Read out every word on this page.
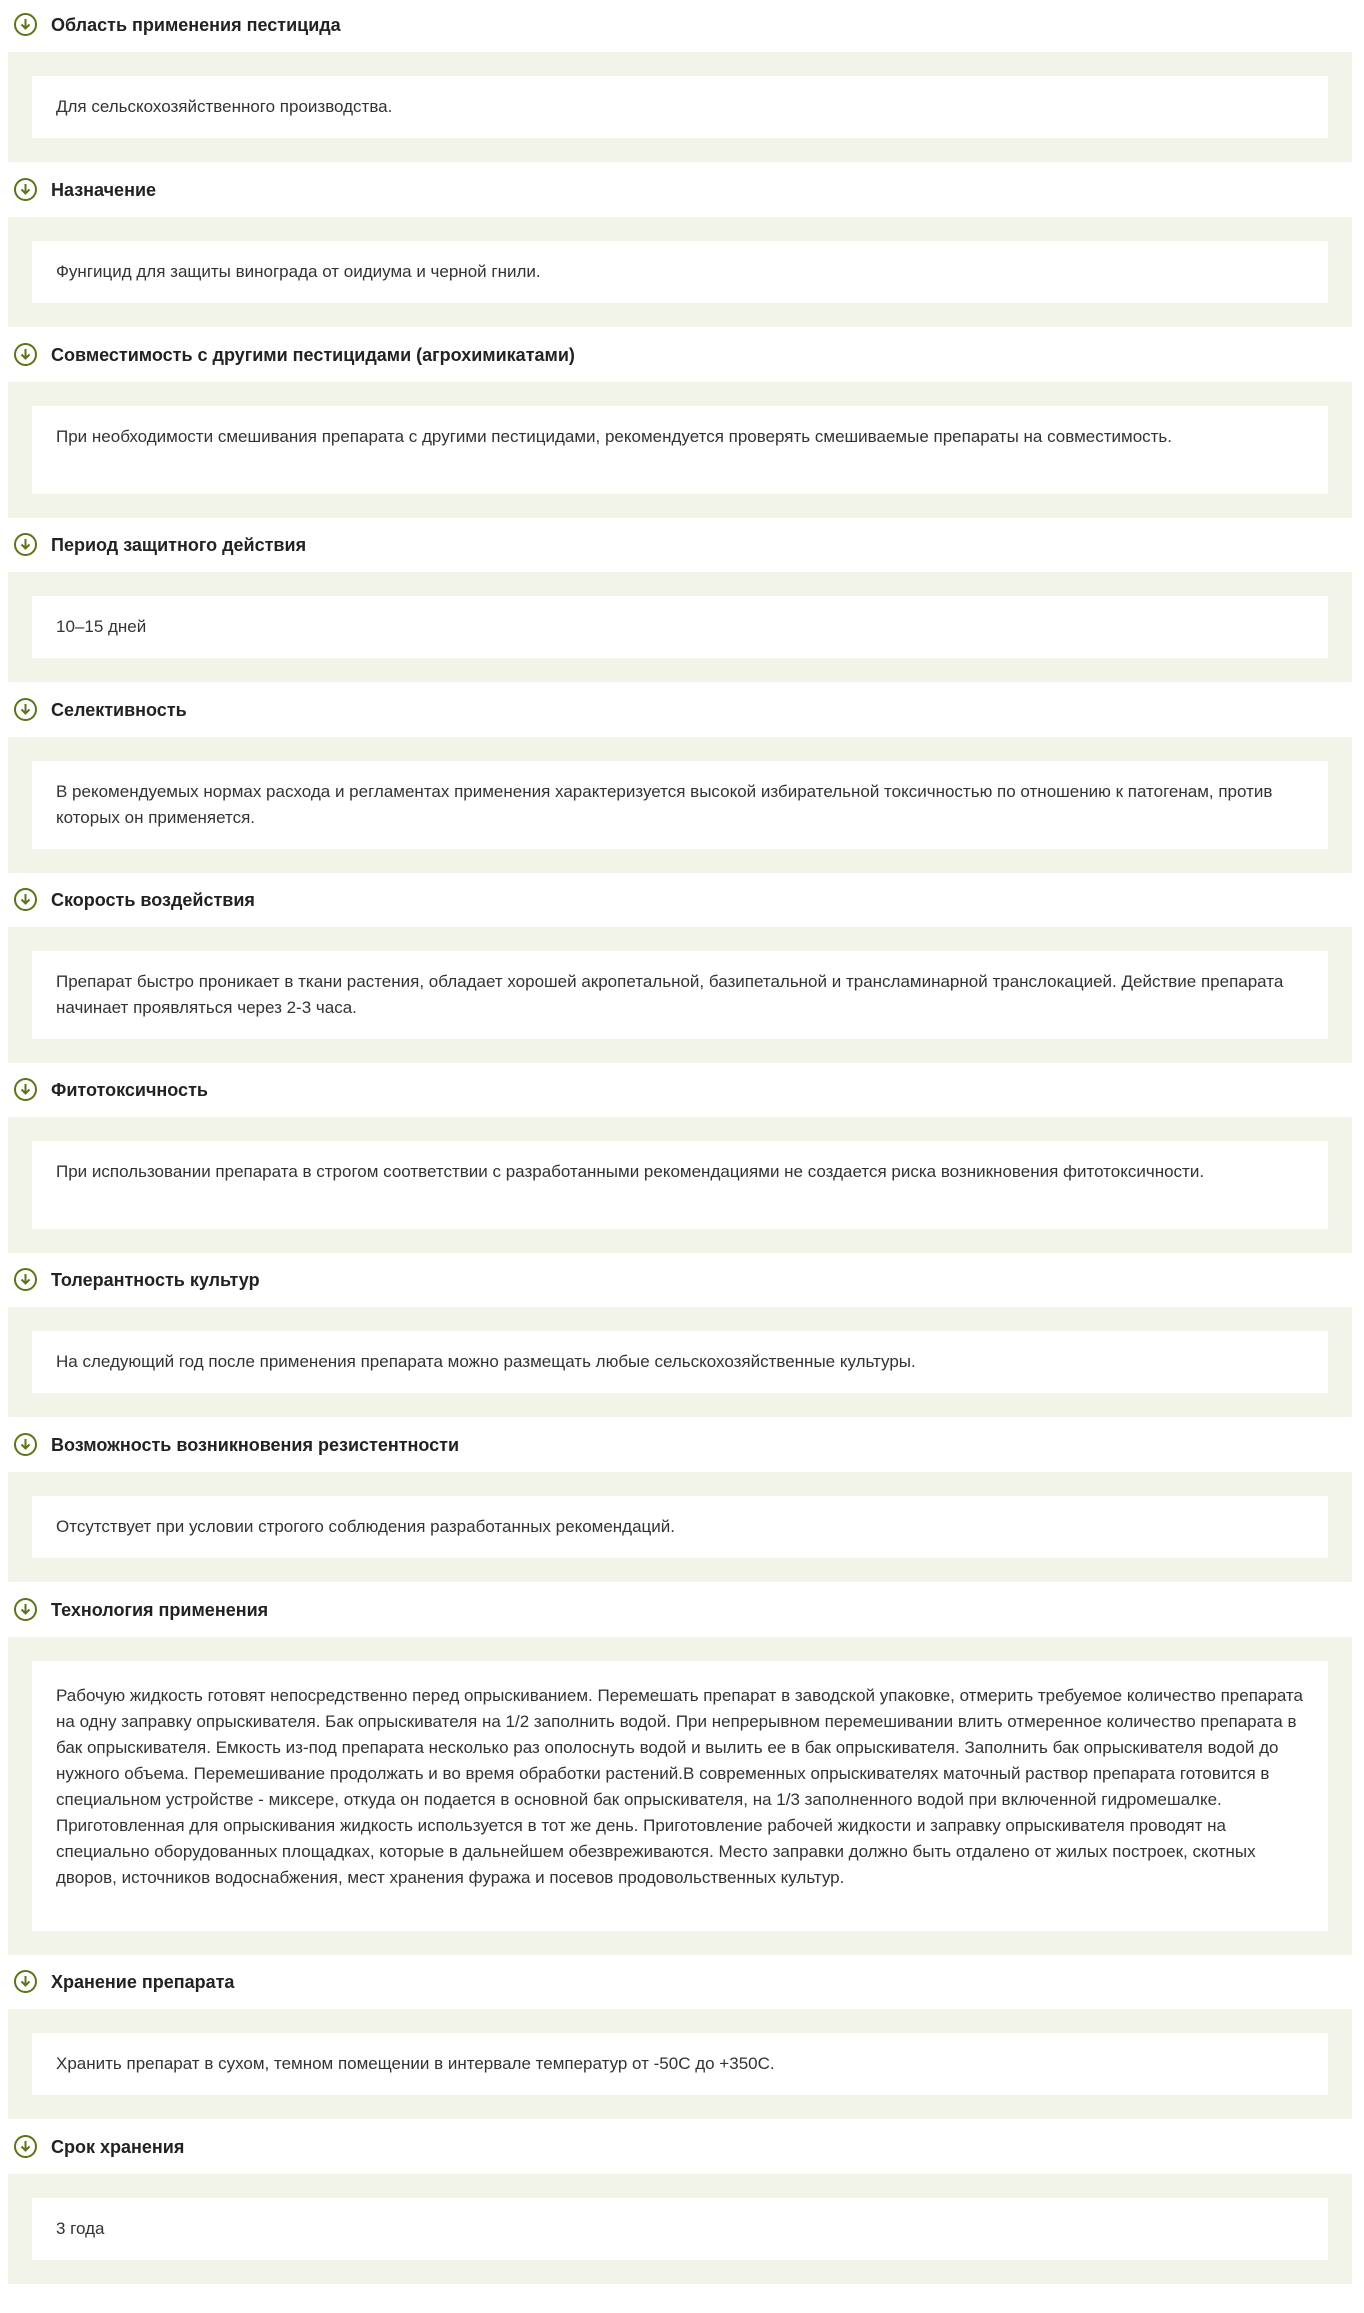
Область применения пестицида
Для сельскохозяйственного производства.
Назначение
Фунгицид для защиты винограда от оидиума и черной гнили.
Совместимость с другими пестицидами (агрохимикатами)
При необходимости смешивания препарата с другими пестицидами, рекомендуется проверять смешиваемые препараты на совместимость.
Период защитного действия
10–15 дней
Селективность
В рекомендуемых нормах расхода и регламентах применения характеризуется высокой избирательной токсичностью по отношению к патогенам, против которых он применяется.
Скорость воздействия
Препарат быстро проникает в ткани растения, обладает хорошей акропетальной, базипетальной и трансламинарной транслокацией. Действие препарата начинает проявляться через 2-3 часа.
Фитотоксичность
При использовании препарата в строгом соответствии с разработанными рекомендациями не создается риска возникновения фитотоксичности.
Толерантность культур
На следующий год после применения препарата можно размещать любые сельскохозяйственные культуры.
Возможность возникновения резистентности
Отсутствует при условии строгого соблюдения разработанных рекомендаций.
Технология применения
Рабочую жидкость готовят непосредственно перед опрыскиванием. Перемешать препарат в заводской упаковке, отмерить требуемое количество препарата на одну заправку опрыскивателя. Бак опрыскивателя на 1/2 заполнить водой. При непрерывном перемешивании влить отмеренное количество препарата в бак опрыскивателя. Емкость из-под препарата несколько раз ополоснуть водой и вылить ее в бак опрыскивателя. Заполнить бак опрыскивателя водой до нужного объема. Перемешивание продолжать и во время обработки растений.В современных опрыскивателях маточный раствор препарата готовится в специальном устройстве - миксере, откуда он подается в основной бак опрыскивателя, на 1/3 заполненного водой при включенной гидромешалке. Приготовленная для опрыскивания жидкость используется в тот же день. Приготовление рабочей жидкости и заправку опрыскивателя проводят на специально оборудованных площадках, которые в дальнейшем обезвреживаются. Место заправки должно быть отдалено от жилых построек, скотных дворов, источников водоснабжения, мест хранения фуража и посевов продовольственных культур.
Хранение препарата
Хранить препарат в сухом, темном помещении в интервале температур от -50С до +350С.
Срок хранения
3 года
